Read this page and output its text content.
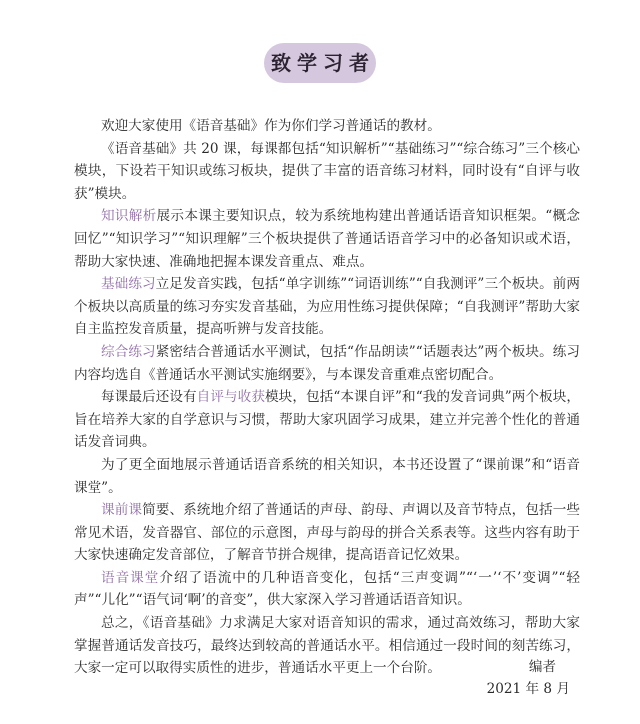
致学习者

欢迎大家使用《语音基础》作为你们学习普通话的教材。

《语音基础》共 20 课，每课都包括“知识解析”“基础练习”“综合练习”三个核心模块，下设若干知识或练习板块，提供了丰富的语音练习材料，同时设有“自评与收获”模块。

知识解析展示本课主要知识点，较为系统地构建出普通话语音知识框架。“概念回忆”“知识学习”“知识理解”三个板块提供了普通话语音学习中的必备知识或术语，帮助大家快速、准确地把握本课发音重点、难点。

基础练习立足发音实践，包括“单字训练”“词语训练”“自我测评”三个板块。前两个板块以高质量的练习夯实发音基础，为应用性练习提供保障；“自我测评”帮助大家自主监控发音质量，提高听辨与发音技能。

综合练习紧密结合普通话水平测试，包括“作品朗读”“话题表达”两个板块。练习内容均选自《普通话水平测试实施纲要》，与本课发音重难点密切配合。

每课最后还设有自评与收获模块，包括“本课自评”和“我的发音词典”两个板块，旨在培养大家的自学意识与习惯，帮助大家巩固学习成果，建立并完善个性化的普通话发音词典。

为了更全面地展示普通话语音系统的相关知识，本书还设置了“课前课”和“语音课堂”。

课前课简要、系统地介绍了普通话的声母、韵母、声调以及音节特点，包括一些常见术语，发音器官、部位的示意图，声母与韵母的拼合关系表等。这些内容有助于大家快速确定发音部位，了解音节拼合规律，提高语音记忆效果。

语音课堂介绍了语流中的几种语音变化，包括“三声变调”“‘一’‘不’变调”“轻声”“儿化”“语气词‘啊’的音变”，供大家深入学习普通话语音知识。

总之，《语音基础》力求满足大家对语音知识的需求，通过高效练习，帮助大家掌握普通话发音技巧，最终达到较高的普通话水平。相信通过一段时间的刻苦练习，大家一定可以取得实质性的进步，普通话水平更上一个台阶。	编者
2021 年 8 月
